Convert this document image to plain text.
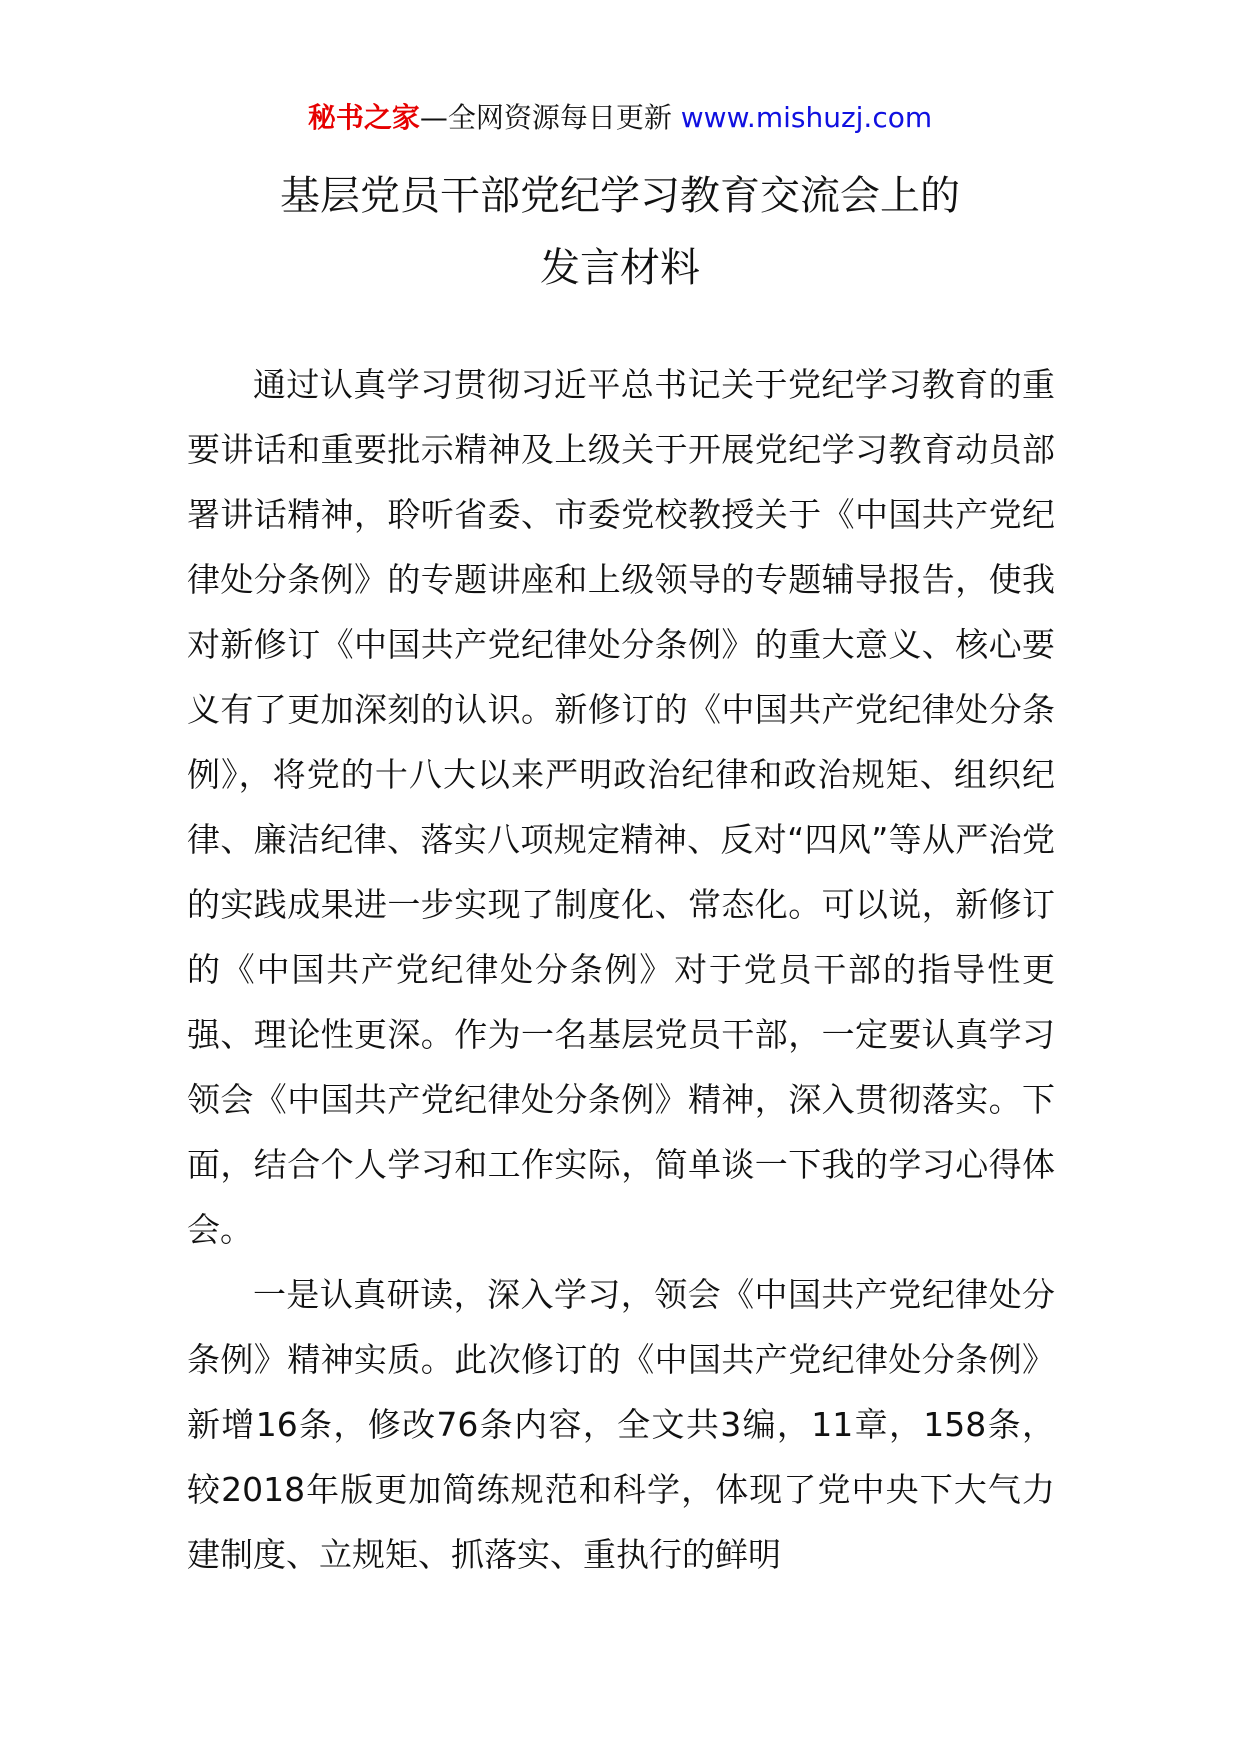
秘书之家—全网资源每日更新 www.mishuzj.com
基层党员干部党纪学习教育交流会上的
发言材料

通过认真学习贯彻习近平总书记关于党纪学习教育的重要讲话和重要批示精神及上级关于开展党纪学习教育动员部署讲话精神，聆听省委、市委党校教授关于《中国共产党纪律处分条例》的专题讲座和上级领导的专题辅导报告，使我对新修订《中国共产党纪律处分条例》的重大意义、核心要义有了更加深刻的认识。新修订的《中国共产党纪律处分条例》，将党的十八大以来严明政治纪律和政治规矩、组织纪律、廉洁纪律、落实八项规定精神、反对“四风”等从严治党的实践成果进一步实现了制度化、常态化。可以说，新修订的《中国共产党纪律处分条例》对于党员干部的指导性更强、理论性更深。作为一名基层党员干部，一定要认真学习领会《中国共产党纪律处分条例》精神，深入贯彻落实。下面，结合个人学习和工作实际，简单谈一下我的学习心得体会。

一是认真研读，深入学习，领会《中国共产党纪律处分条例》精神实质。此次修订的《中国共产党纪律处分条例》新增16条，修改76条内容，全文共3编，11章，158条，较2018年版更加简练规范和科学，体现了党中央下大气力建制度、立规矩、抓落实、重执行的鲜明
